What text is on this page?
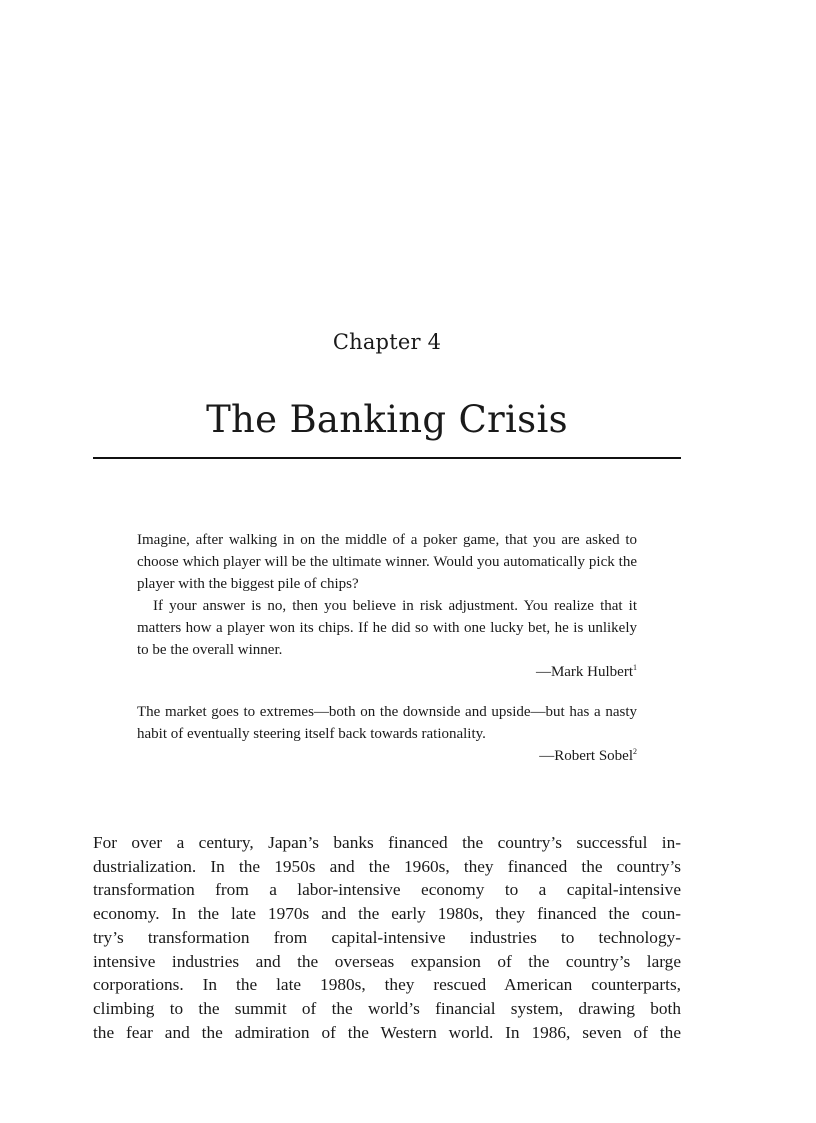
Chapter 4
The Banking Crisis

Imagine, after walking in on the middle of a poker game, that you are asked to choose which player will be the ultimate winner. Would you automatically pick the player with the biggest pile of chips?

If your answer is no, then you believe in risk adjustment. You realize that it matters how a player won its chips. If he did so with one lucky bet, he is unlikely to be the overall winner.

—Mark Hulbert$^1$

The market goes to extremes—both on the downside and upside—but has a nasty habit of eventually steering itself back towards rationality.

—Robert Sobel$^2$

For over a century, Japan’s banks financed the country’s successful in-
dustrialization. In the 1950s and the 1960s, they financed the country’s
transformation from a labor-intensive economy to a capital-intensive
economy. In the late 1970s and the early 1980s, they financed the coun-
try’s transformation from capital-intensive industries to technology-
intensive industries and the overseas expansion of the country’s large
corporations. In the late 1980s, they rescued American counterparts,
climbing to the summit of the world’s financial system, drawing both
the fear and the admiration of the Western world. In 1986, seven of the
